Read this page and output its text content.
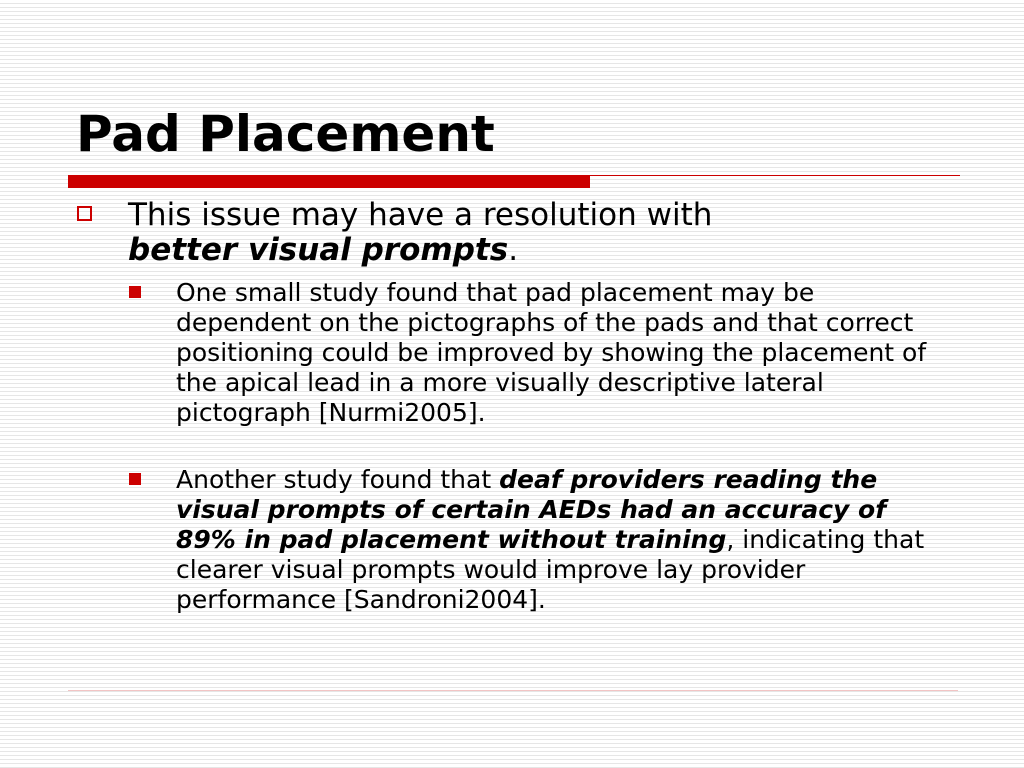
Pad Placement
This issue may have a resolution with
better visual prompts.
One small study found that pad placement may be dependent on the pictographs of the pads and that correct positioning could be improved by showing the placement of the apical lead in a more visually descriptive lateral pictograph [Nurmi2005].
Another study found that deaf providers reading the visual prompts of certain AEDs had an accuracy of 89% in pad placement without training, indicating that clearer visual prompts would improve lay provider performance [Sandroni2004].
